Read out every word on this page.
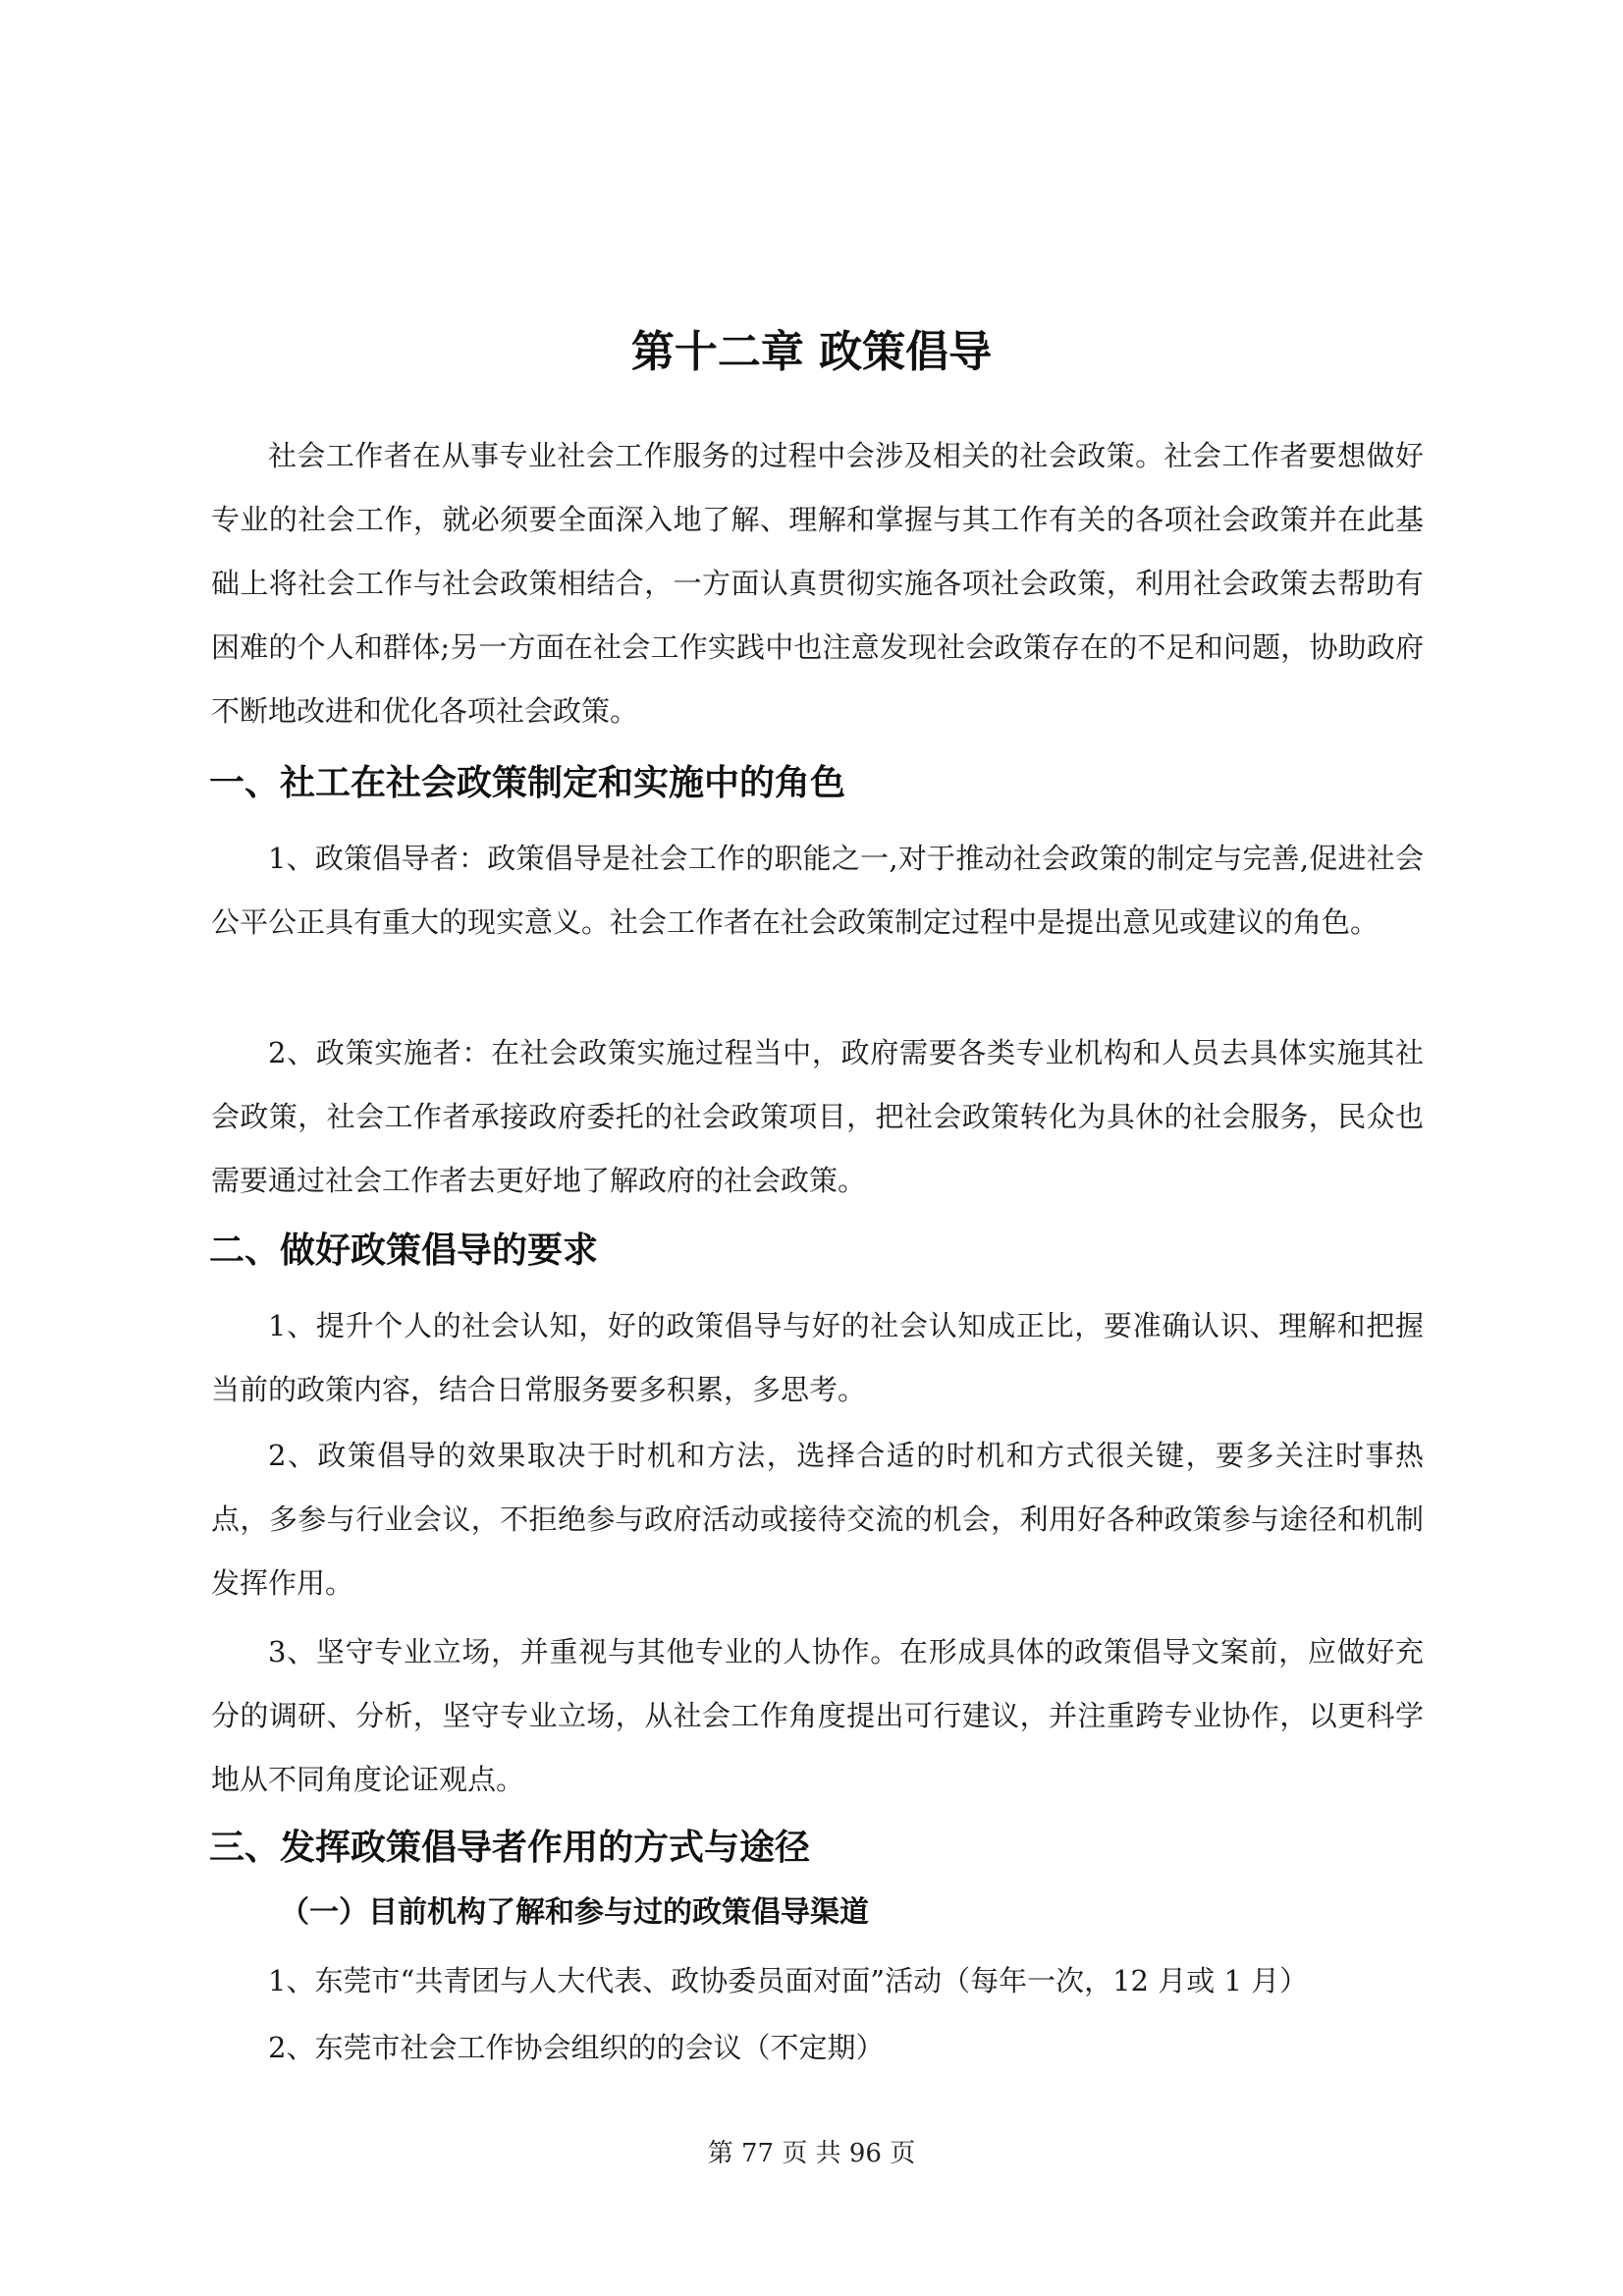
第十二章 政策倡导

社会工作者在从事专业社会工作服务的过程中会涉及相关的社会政策。社会工作者要想做好专业的社会工作，就必须要全面深入地了解、理解和掌握与其工作有关的各项社会政策并在此基础上将社会工作与社会政策相结合，一方面认真贯彻实施各项社会政策，利用社会政策去帮助有困难的个人和群体;另一方面在社会工作实践中也注意发现社会政策存在的不足和问题，协助政府不断地改进和优化各项社会政策。

一、社工在社会政策制定和实施中的角色

1、政策倡导者：政策倡导是社会工作的职能之一,对于推动社会政策的制定与完善,促进社会公平公正具有重大的现实意义。社会工作者在社会政策制定过程中是提出意见或建议的角色。

2、政策实施者：在社会政策实施过程当中，政府需要各类专业机构和人员去具体实施其社会政策，社会工作者承接政府委托的社会政策项目，把社会政策转化为具休的社会服务，民众也需要通过社会工作者去更好地了解政府的社会政策。

二、做好政策倡导的要求

1、提升个人的社会认知，好的政策倡导与好的社会认知成正比，要准确认识、理解和把握当前的政策内容，结合日常服务要多积累，多思考。

2、政策倡导的效果取决于时机和方法，选择合适的时机和方式很关键，要多关注时事热点，多参与行业会议，不拒绝参与政府活动或接待交流的机会，利用好各种政策参与途径和机制发挥作用。

3、坚守专业立场，并重视与其他专业的人协作。在形成具体的政策倡导文案前，应做好充分的调研、分析，坚守专业立场，从社会工作角度提出可行建议，并注重跨专业协作，以更科学地从不同角度论证观点。

三、发挥政策倡导者作用的方式与途径
（一）目前机构了解和参与过的政策倡导渠道

1、东莞市“共青团与人大代表、政协委员面对面”活动（每年一次，12 月或 1 月）

2、东莞市社会工作协会组织的的会议（不定期）

第 77 页 共 96 页
